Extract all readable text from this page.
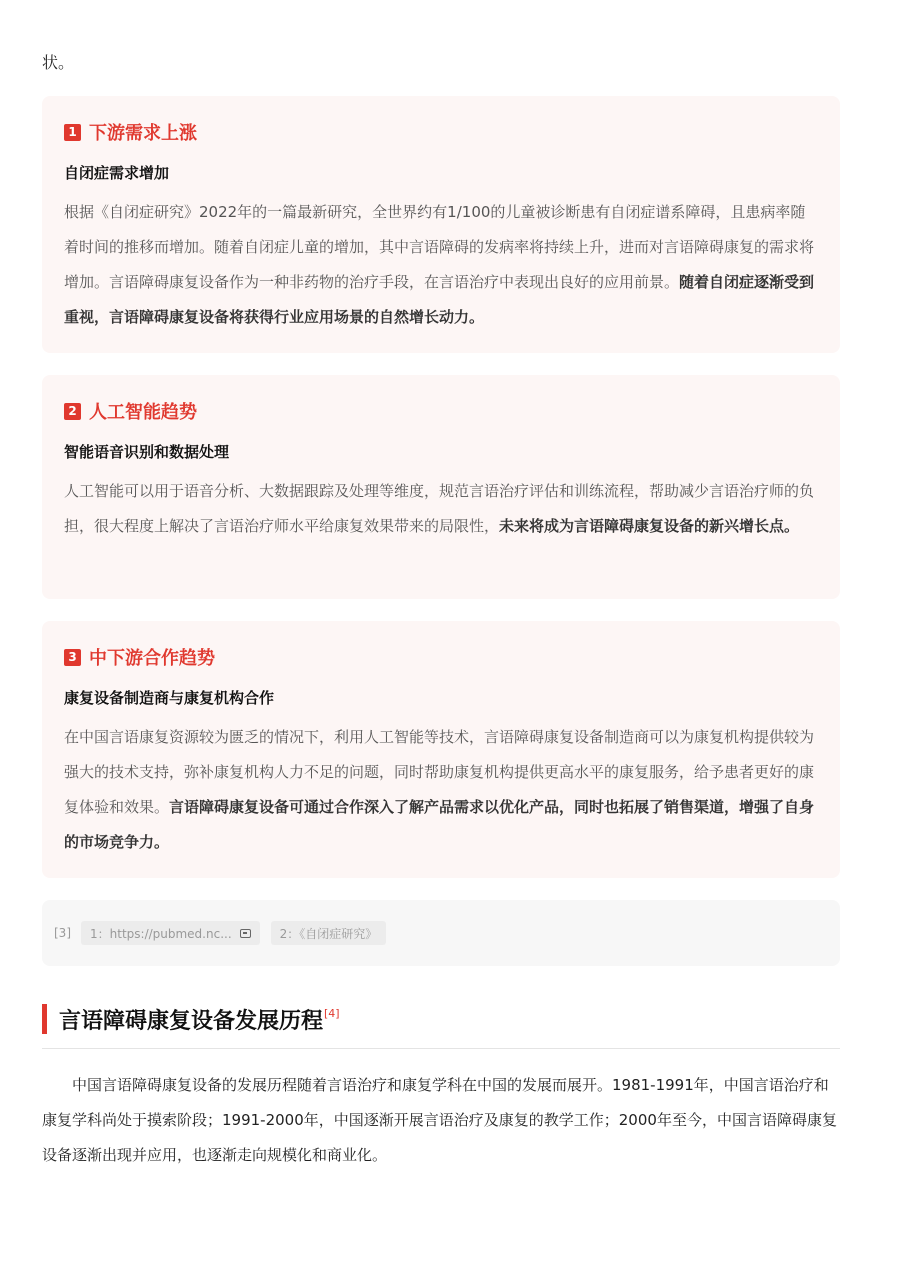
状。
1 下游需求上涨
自闭症需求增加
根据《自闭症研究》2022年的一篇最新研究，全世界约有1/100的儿童被诊断患有自闭症谱系障碍，且患病率随着时间的推移而增加。随着自闭症儿童的增加，其中言语障碍的发病率将持续上升，进而对言语障碍康复的需求将增加。言语障碍康复设备作为一种非药物的治疗手段，在言语治疗中表现出良好的应用前景。随着自闭症逐渐受到重视，言语障碍康复设备将获得行业应用场景的自然增长动力。
2 人工智能趋势
智能语音识别和数据处理
人工智能可以用于语音分析、大数据跟踪及处理等维度，规范言语治疗评估和训练流程，帮助减少言语治疗师的负担，很大程度上解决了言语治疗师水平给康复效果带来的局限性，未来将成为言语障碍康复设备的新兴增长点。
3 中下游合作趋势
康复设备制造商与康复机构合作
在中国言语康复资源较为匮乏的情况下，利用人工智能等技术，言语障碍康复设备制造商可以为康复机构提供较为强大的技术支持，弥补康复机构人力不足的问题，同时帮助康复机构提供更高水平的康复服务，给予患者更好的康复体验和效果。言语障碍康复设备可通过合作深入了解产品需求以优化产品，同时也拓展了销售渠道，增强了自身的市场竞争力。
[3] 1：https://pubmed.nc...	2：《自闭症研究》
言语障碍康复设备发展历程 [4]
中国言语障碍康复设备的发展历程随着言语治疗和康复学科在中国的发展而展开。1981-1991年，中国言语治疗和康复学科尚处于摸索阶段；1991-2000年，中国逐渐开展言语治疗及康复的教学工作；2000年至今，中国言语障碍康复设备逐渐出现并应用，也逐渐走向规模化和商业化。
